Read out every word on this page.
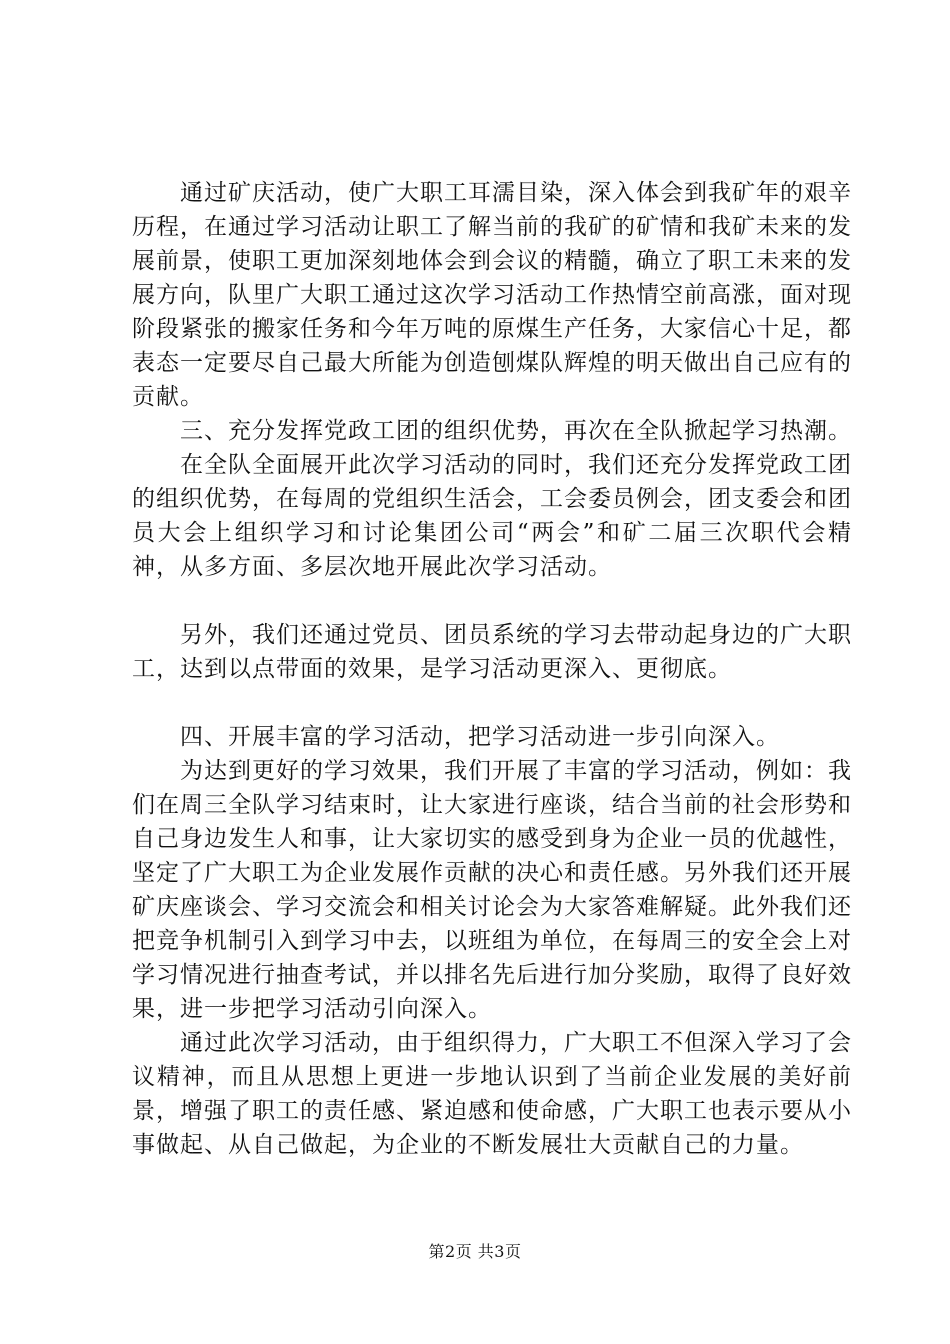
通过矿庆活动，使广大职工耳濡目染，深入体会到我矿年的艰辛历程，在通过学习活动让职工了解当前的我矿的矿情和我矿未来的发展前景，使职工更加深刻地体会到会议的精髓，确立了职工未来的发展方向，队里广大职工通过这次学习活动工作热情空前高涨，面对现阶段紧张的搬家任务和今年万吨的原煤生产任务，大家信心十足，都表态一定要尽自己最大所能为创造刨煤队辉煌的明天做出自己应有的贡献。

三、充分发挥党政工团的组织优势，再次在全队掀起学习热潮。

在全队全面展开此次学习活动的同时，我们还充分发挥党政工团的组织优势，在每周的党组织生活会，工会委员例会，团支委会和团员大会上组织学习和讨论集团公司“两会”和矿二届三次职代会精神，从多方面、多层次地开展此次学习活动。

另外，我们还通过党员、团员系统的学习去带动起身边的广大职工，达到以点带面的效果，是学习活动更深入、更彻底。

四、开展丰富的学习活动，把学习活动进一步引向深入。

为达到更好的学习效果，我们开展了丰富的学习活动，例如：我们在周三全队学习结束时，让大家进行座谈，结合当前的社会形势和自己身边发生人和事，让大家切实的感受到身为企业一员的优越性，坚定了广大职工为企业发展作贡献的决心和责任感。另外我们还开展矿庆座谈会、学习交流会和相关讨论会为大家答难解疑。此外我们还把竞争机制引入到学习中去，以班组为单位，在每周三的安全会上对学习情况进行抽查考试，并以排名先后进行加分奖励，取得了良好效果，进一步把学习活动引向深入。

通过此次学习活动，由于组织得力，广大职工不但深入学习了会议精神，而且从思想上更进一步地认识到了当前企业发展的美好前景，增强了职工的责任感、紧迫感和使命感，广大职工也表示要从小事做起、从自己做起，为企业的不断发展壮大贡献自己的力量。

第2页 共3页
